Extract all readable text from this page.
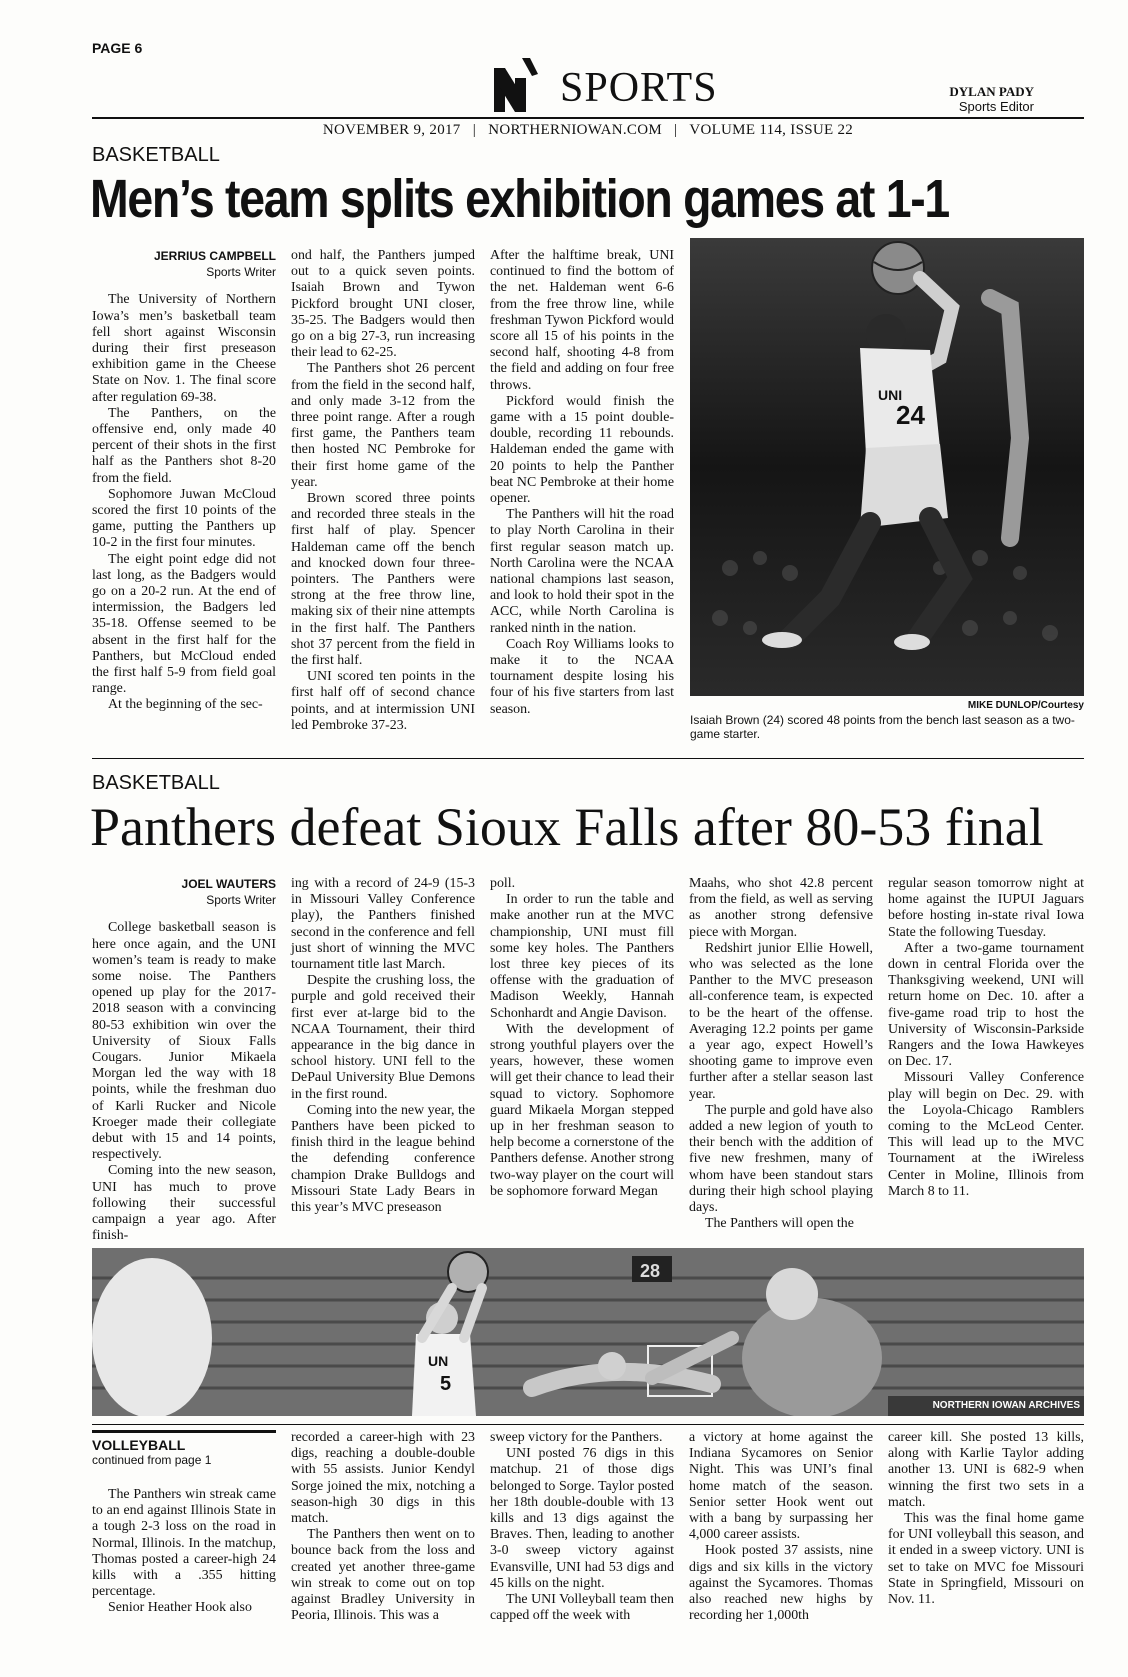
PAGE 6
SPORTS	DYLAN PADY
Sports Editor
NOVEMBER 9, 2017   |   NORTHERNIOWAN.COM   |   VOLUME 114, ISSUE 22
BASKETBALL
Men’s team splits exhibition games at 1-1
JERRIUS CAMPBELL
Sports Writer

The University of Northern Iowa’s men’s basketball team fell short against Wisconsin during their first preseason exhibition game in the Cheese State on Nov. 1. The final score after regulation 69-38.

The Panthers, on the offensive end, only made 40 percent of their shots in the first half as the Panthers shot 8-20 from the field.

Sophomore Juwan McCloud scored the first 10 points of the game, putting the Panthers up 10-2 in the first four minutes.

The eight point edge did not last long, as the Badgers would go on a 20-2 run. At the end of intermission, the Badgers led 35-18. Offense seemed to be absent in the first half for the Panthers, but McCloud ended the first half 5-9 from field goal range.

At the beginning of the sec-

ond half, the Panthers jumped out to a quick seven points. Isaiah Brown and Tywon Pickford brought UNI closer, 35-25. The Badgers would then go on a big 27-3, run increasing their lead to 62-25.

The Panthers shot 26 percent from the field in the second half, and only made 3-12 from the three point range. After a rough first game, the Panthers team then hosted NC Pembroke for their first home game of the year.

Brown scored three points and recorded three steals in the first half of play. Spencer Haldeman came off the bench and knocked down four three-pointers. The Panthers were strong at the free throw line, making six of their nine attempts in the first half. The Panthers shot 37 percent from the field in the first half.

UNI scored ten points in the first half off of second chance points, and at intermission UNI led Pembroke 37-23.

After the halftime break, UNI continued to find the bottom of the net. Haldeman went 6-6 from the free throw line, while freshman Tywon Pickford would score all 15 of his points in the second half, shooting 4-8 from the field and adding on four free throws.

Pickford would finish the game with a 15 point double-double, recording 11 rebounds. Haldeman ended the game with 20 points to help the Panther beat NC Pembroke at their home opener.

The Panthers will hit the road to play North Carolina in their first regular season match up. North Carolina were the NCAA national champions last season, and look to hold their spot in the ACC, while North Carolina is ranked ninth in the nation.

Coach Roy Williams looks to make it to the NCAA tournament despite losing his four of his five starters from last season.

UNI
24
MIKE DUNLOP/Courtesy
Isaiah Brown (24) scored 48 points from the bench last season as a two-game starter.
BASKETBALL
Panthers defeat Sioux Falls after 80-53 final
JOEL WAUTERS
Sports Writer

College basketball season is here once again, and the UNI women’s team is ready to make some noise. The Panthers opened up play for the 2017-2018 season with a convincing 80-53 exhibition win over the University of Sioux Falls Cougars. Junior Mikaela Morgan led the way with 18 points, while the freshman duo of Karli Rucker and Nicole Kroeger made their collegiate debut with 15 and 14 points, respectively.

Coming into the new season, UNI has much to prove following their successful campaign a year ago. After finish-

ing with a record of 24-9 (15-3 in Missouri Valley Conference play), the Panthers finished second in the conference and fell just short of winning the MVC tournament title last March.

Despite the crushing loss, the purple and gold received their first ever at-large bid to the NCAA Tournament, their third appearance in the big dance in school history. UNI fell to the DePaul University Blue Demons in the first round.

Coming into the new year, the Panthers have been picked to finish third in the league behind the defending conference champion Drake Bulldogs and Missouri State Lady Bears in this year’s MVC preseason

poll.

In order to run the table and make another run at the MVC championship, UNI must fill some key holes. The Panthers lost three key pieces of its offense with the graduation of Madison Weekly, Hannah Schonhardt and Angie Davison.

With the development of strong youthful players over the years, however, these women will get their chance to lead their squad to victory. Sophomore guard Mikaela Morgan stepped up in her freshman season to help become a cornerstone of the Panthers defense. Another strong two-way player on the court will be sophomore forward Megan

Maahs, who shot 42.8 percent from the field, as well as serving as another strong defensive piece with Morgan.

Redshirt junior Ellie Howell, who was selected as the lone Panther to the MVC preseason all-conference team, is expected to be the heart of the offense. Averaging 12.2 points per game a year ago, expect Howell’s shooting game to improve even further after a stellar season last year.

The purple and gold have also added a new legion of youth to their bench with the addition of five new freshmen, many of whom have been standout stars during their high school playing days.

The Panthers will open the

regular season tomorrow night at home against the IUPUI Jaguars before hosting in-state rival Iowa State the following Tuesday.

After a two-game tournament down in central Florida over the Thanksgiving weekend, UNI will return home on Dec. 10. after a five-game road trip to host the University of Wisconsin-Parkside Rangers and the Iowa Hawkeyes on Dec. 17.

Missouri Valley Conference play will begin on Dec. 29. with the Loyola-Chicago Ramblers coming to the McLeod Center. This will lead up to the MVC Tournament at the iWireless Center in Moline, Illinois from March 8 to 11.

28
UN
5
NORTHERN IOWAN ARCHIVES
VOLLEYBALL
continued from page 1

The Panthers win streak came to an end against Illinois State in a tough 2-3 loss on the road in Normal, Illinois. In the matchup, Thomas posted a career-high 24 kills with a .355 hitting percentage.

Senior Heather Hook also

recorded a career-high with 23 digs, reaching a double-double with 55 assists. Junior Kendyl Sorge joined the mix, notching a season-high 30 digs in this match.

The Panthers then went on to bounce back from the loss and created yet another three-game win streak to come out on top against Bradley University in Peoria, Illinois. This was a

sweep victory for the Panthers.

UNI posted 76 digs in this matchup. 21 of those digs belonged to Sorge. Taylor posted her 18th double-double with 13 kills and 13 digs against the Braves. Then, leading to another 3-0 sweep victory against Evansville, UNI had 53 digs and 45 kills on the night.

The UNI Volleyball team then capped off the week with

a victory at home against the Indiana Sycamores on Senior Night. This was UNI’s final home match of the season. Senior setter Hook went out with a bang by surpassing her 4,000 career assists.

Hook posted 37 assists, nine digs and six kills in the victory against the Sycamores. Thomas also reached new highs by recording her 1,000th

career kill. She posted 13 kills, along with Karlie Taylor adding another 13. UNI is 682-9 when winning the first two sets in a match.

This was the final home game for UNI volleyball this season, and it ended in a sweep victory. UNI is set to take on MVC foe Missouri State in Springfield, Missouri on Nov. 11.
